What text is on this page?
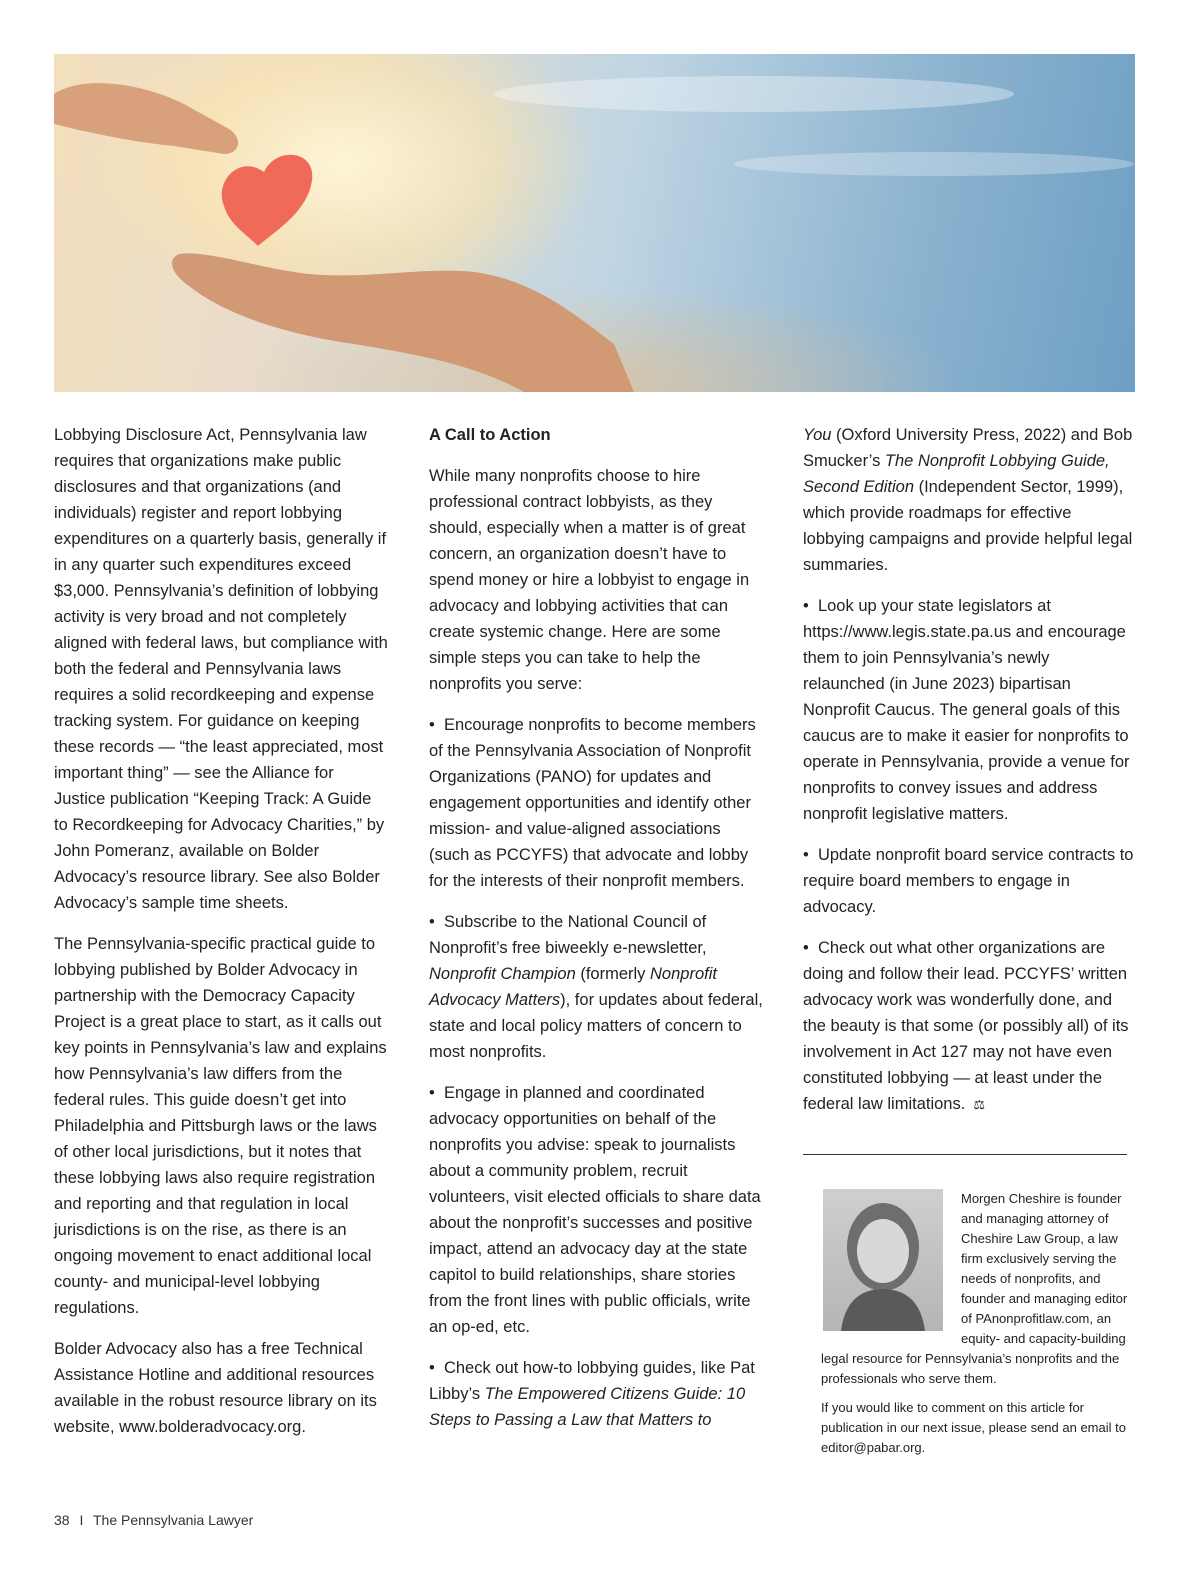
Lobbying Disclosure Act, Pennsylvania law requires that organizations make public disclosures and that organizations (and individuals) register and report lobbying expenditures on a quarterly basis, generally if in any quarter such expenditures exceed $3,000. Pennsylvania’s definition of lobbying activity is very broad and not completely aligned with federal laws, but compliance with both the federal and Pennsylvania laws requires a solid recordkeeping and expense tracking system. For guidance on keeping these records — “the least appreciated, most important thing” — see the Alliance for Justice publication “Keeping Track: A Guide to Recordkeeping for Advocacy Charities,” by John Pomeranz, available on Bolder Advocacy’s resource library. See also Bolder Advocacy’s sample time sheets.

The Pennsylvania-specific practical guide to lobbying published by Bolder Advocacy in partnership with the Democracy Capacity Project is a great place to start, as it calls out key points in Pennsylvania’s law and explains how Pennsylvania’s law differs from the federal rules. This guide doesn’t get into Philadelphia and Pittsburgh laws or the laws of other local jurisdictions, but it notes that these lobbying laws also require registration and reporting and that regulation in local jurisdictions is on the rise, as there is an ongoing movement to enact additional local county- and municipal-level lobbying regulations.

Bolder Advocacy also has a free Technical Assistance Hotline and additional resources available in the robust resource library on its website, www.bolderadvocacy.org.

A Call to Action

While many nonprofits choose to hire professional contract lobbyists, as they should, especially when a matter is of great concern, an organization doesn’t have to spend money or hire a lobbyist to engage in advocacy and lobbying activities that can create systemic change. Here are some simple steps you can take to help the nonprofits you serve:

•  Encourage nonprofits to become members of the Pennsylvania Association of Nonprofit Organizations (PANO) for updates and engagement opportunities and identify other mission- and value-aligned associations (such as PCCYFS) that advocate and lobby for the interests of their nonprofit members.

•  Subscribe to the National Council of Nonprofit’s free biweekly e-newsletter, Nonprofit Champion (formerly Nonprofit Advocacy Matters), for updates about federal, state and local policy matters of concern to most nonprofits.

•  Engage in planned and coordinated advocacy opportunities on behalf of the nonprofits you advise: speak to journalists about a community problem, recruit volunteers, visit elected officials to share data about the nonprofit’s successes and positive impact, attend an advocacy day at the state capitol to build relationships, share stories from the front lines with public officials, write an op-ed, etc.

•  Check out how-to lobbying guides, like Pat Libby’s The Empowered Citizens Guide: 10 Steps to Passing a Law that Matters to

You (Oxford University Press, 2022) and Bob Smucker’s The Nonprofit Lobbying Guide, Second Edition (Independent Sector, 1999), which provide roadmaps for effective lobbying campaigns and provide helpful legal summaries.

•  Look up your state legislators at https://www.legis.state.pa.us and encourage them to join Pennsylvania’s newly relaunched (in June 2023) bipartisan Nonprofit Caucus. The general goals of this caucus are to make it easier for nonprofits to operate in Pennsylvania, provide a venue for nonprofits to convey issues and address nonprofit legislative matters.

•  Update nonprofit board service contracts to require board members to engage in advocacy.

•  Check out what other organizations are doing and follow their lead. PCCYFS’ written advocacy work was wonderfully done, and the beauty is that some (or possibly all) of its involvement in Act 127 may not have even constituted lobbying — at least under the federal law limitations. ⚖

Morgen Cheshire is founder and managing attorney of Cheshire Law Group, a law firm exclusively serving the needs of nonprofits, and founder and managing editor of PAnonprofitlaw.com, an equity- and capacity-building legal resource for Pennsylvania’s nonprofits and the professionals who serve them.

If you would like to comment on this article for publication in our next issue, please send an email to editor@pabar.org.

38 I The Pennsylvania Lawyer
